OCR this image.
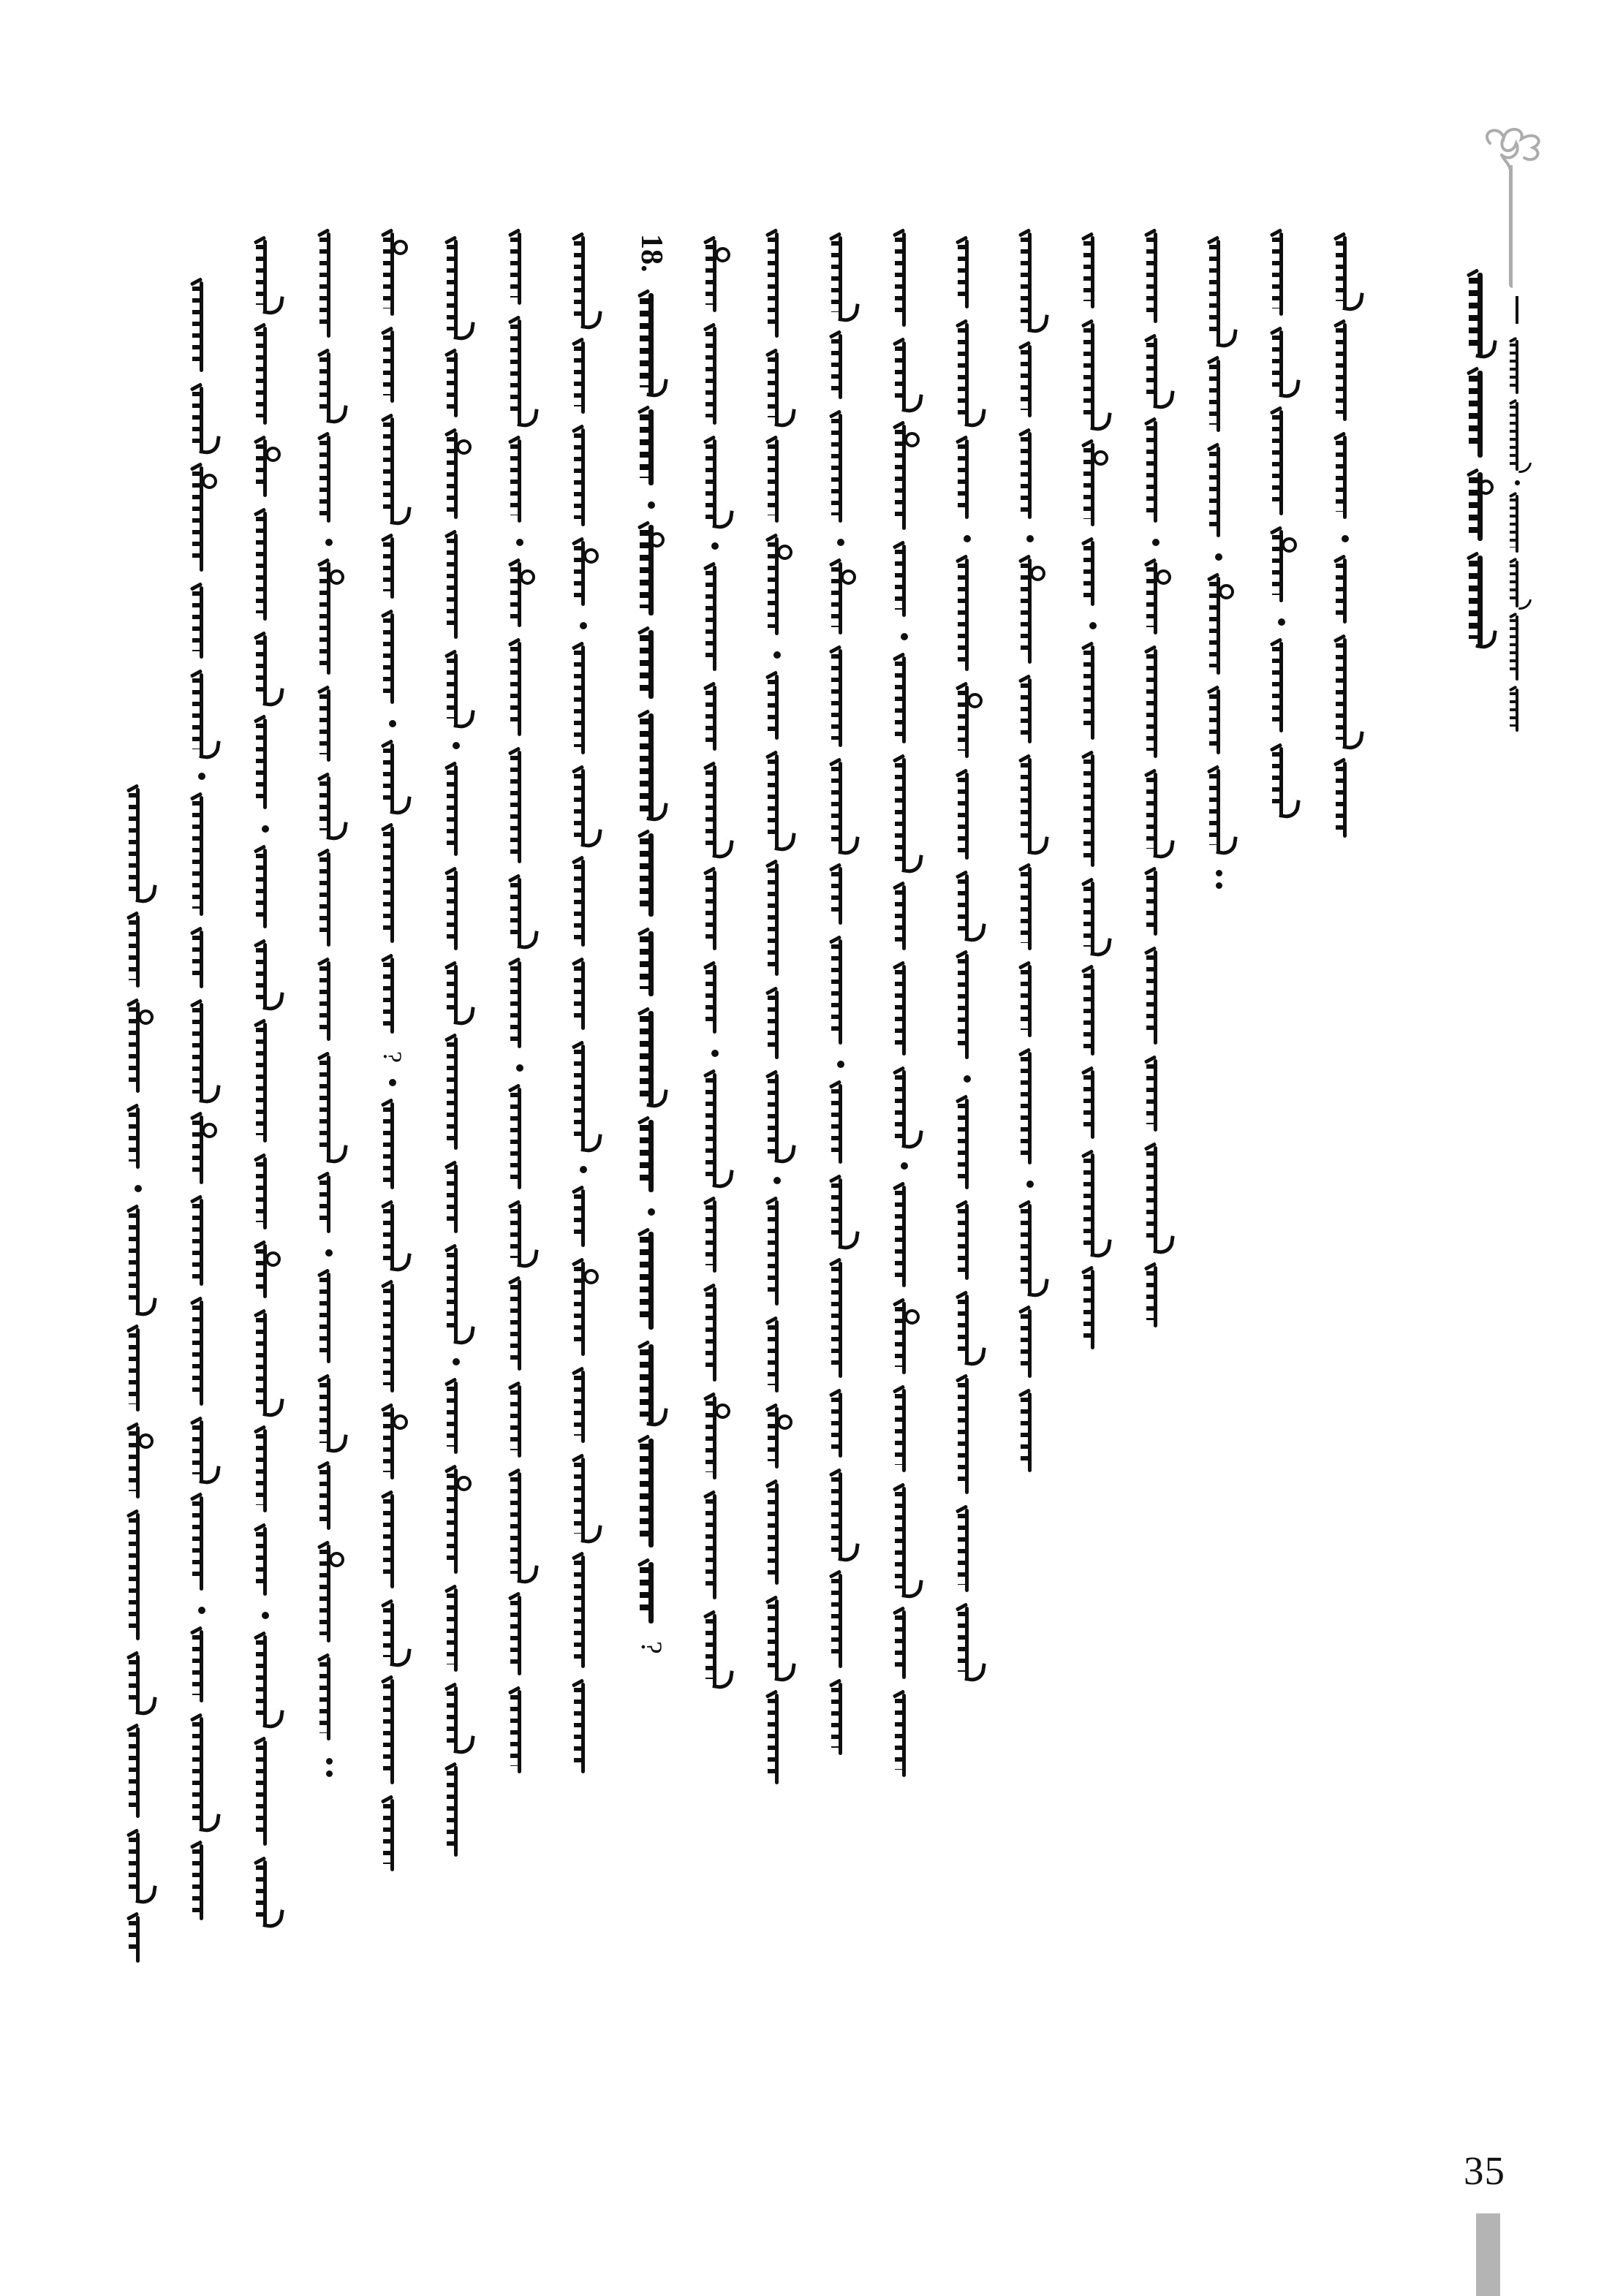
?
18.
?
35
